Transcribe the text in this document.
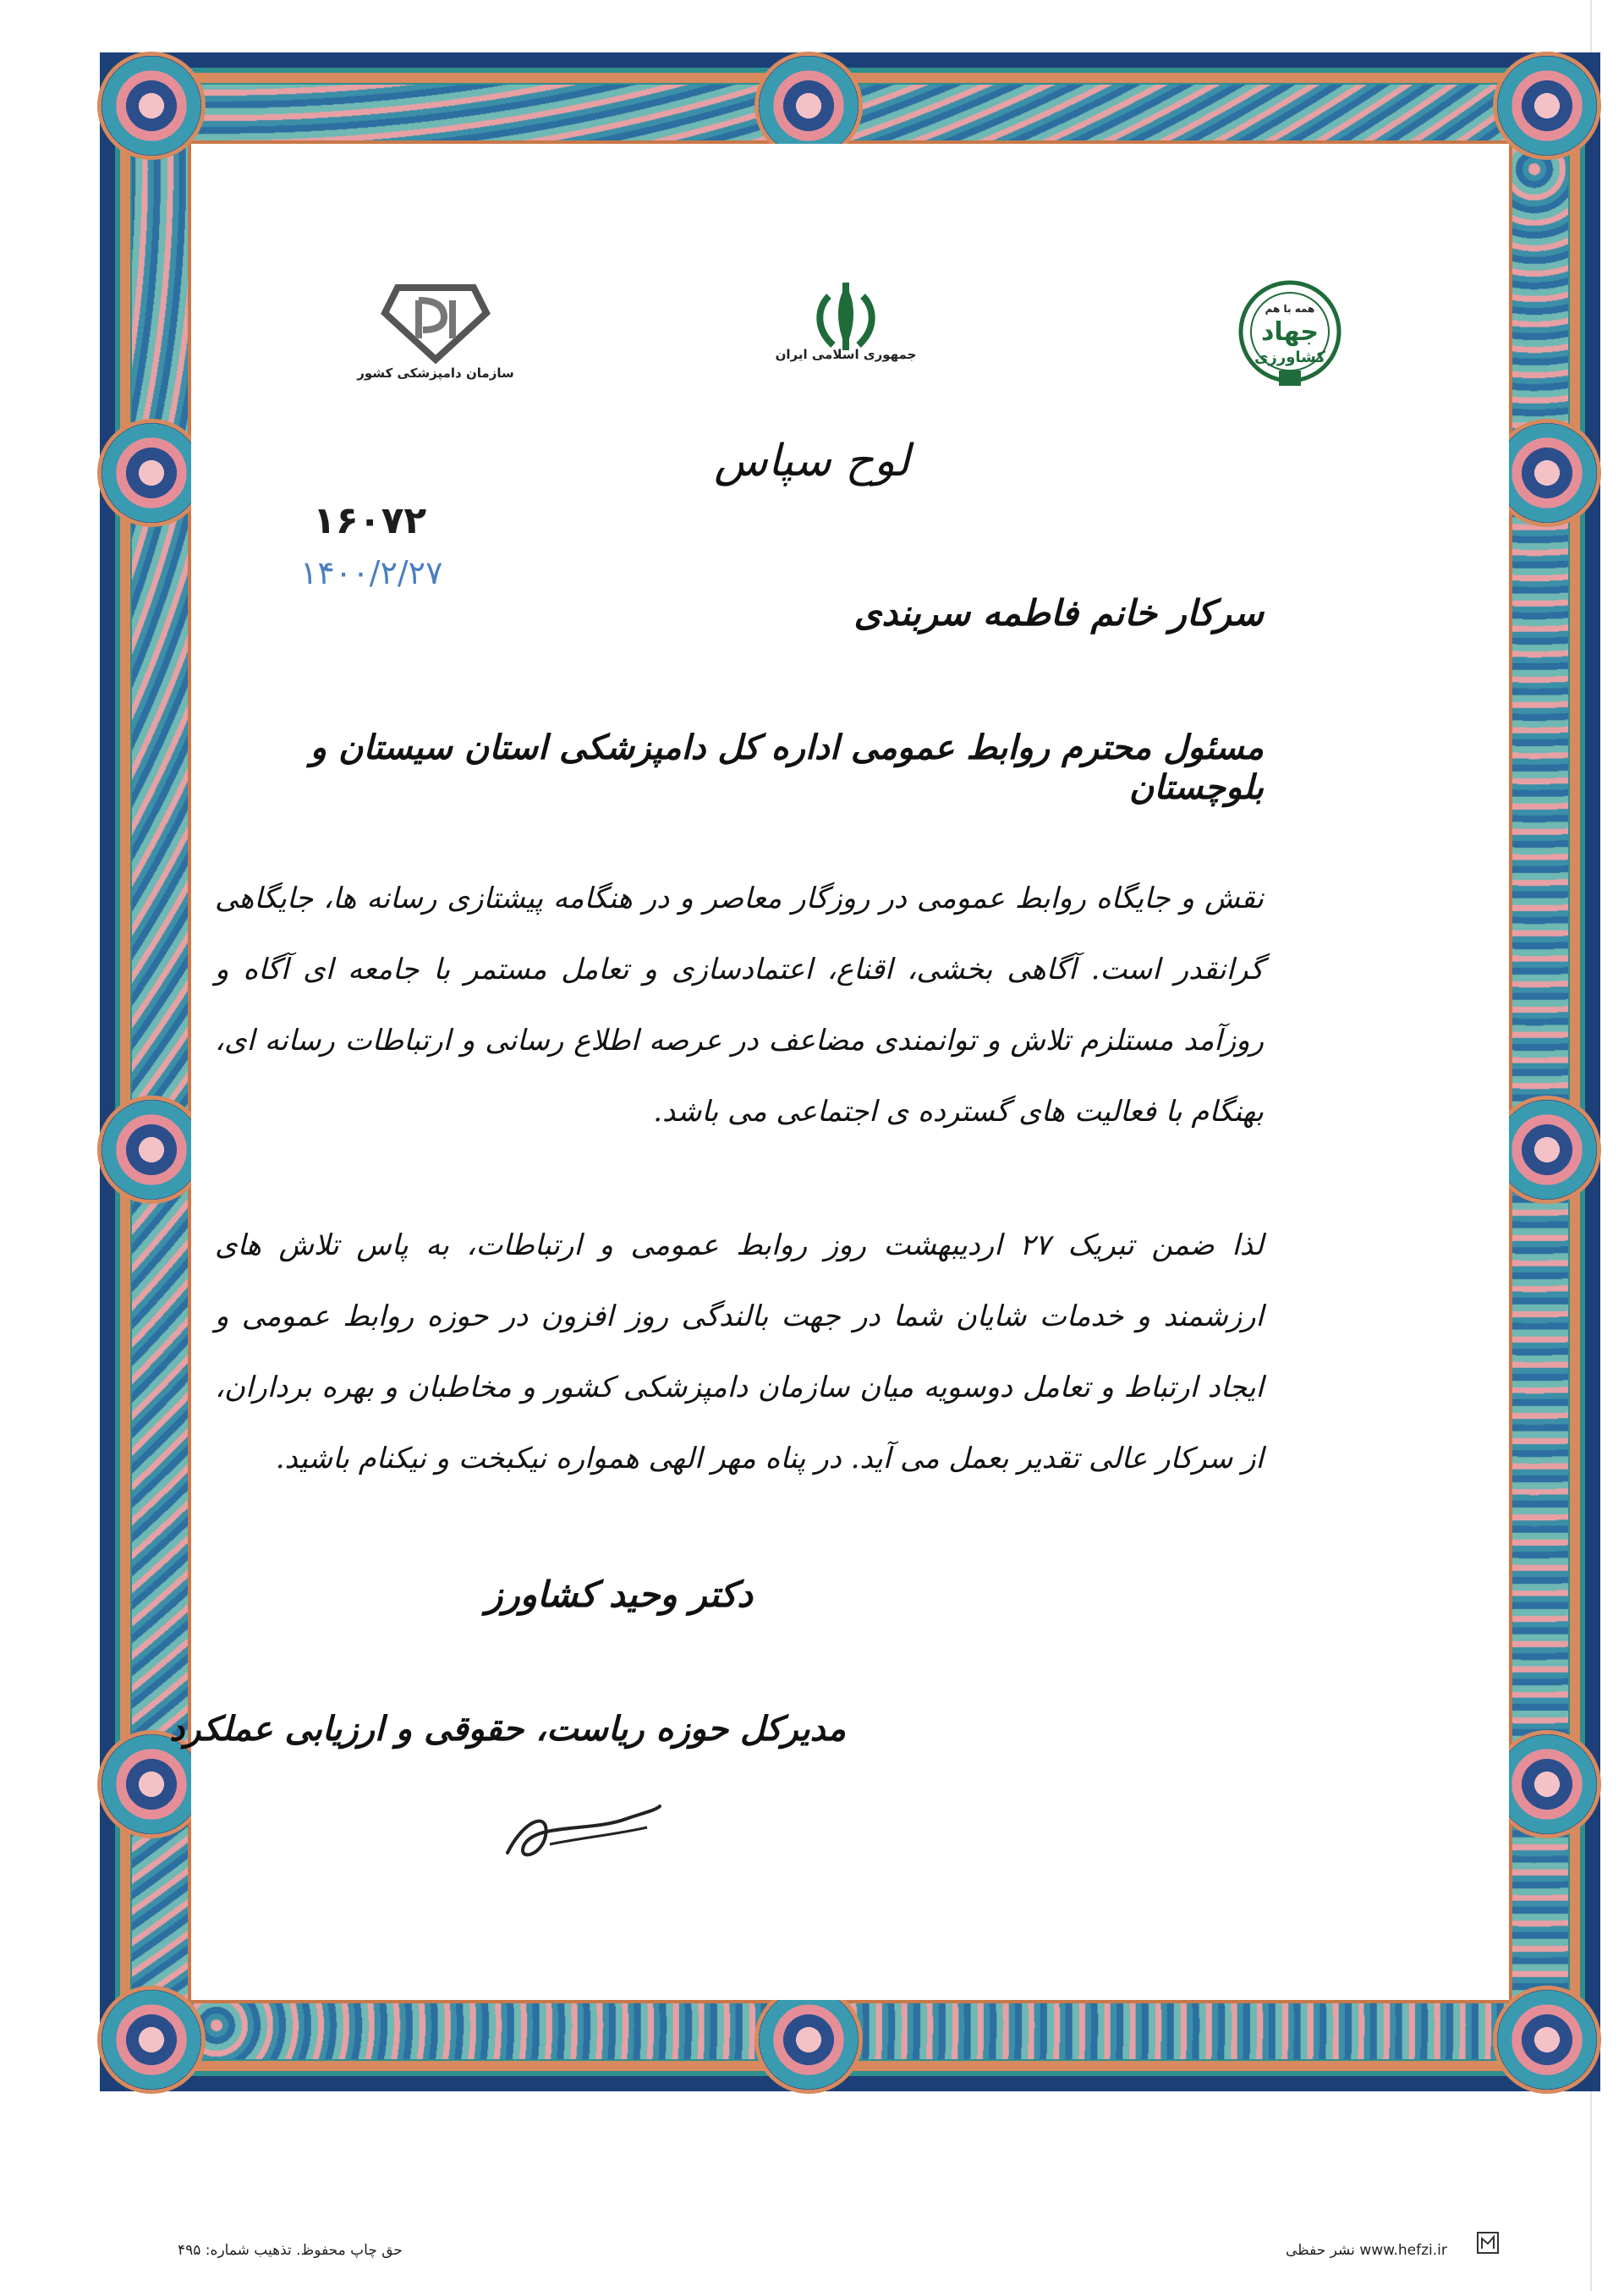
سازمان دامپزشکی کشور
جمهوری اسلامی ایران
همه با هم
جهاد
کشاورزی
لوح سپاس
۱۶۰۷۲
۱۴۰۰/۲/۲۷
سرکار خانم فاطمه سربندی
مسئول محترم روابط عمومی اداره کل دامپزشکی استان سیستان و بلوچستان
نقش و جایگاه روابط عمومی در روزگار معاصر و در هنگامه پیشتازی رسانه ها، جایگاهی گرانقدر است. آگاهی بخشی، اقناع، اعتمادسازی و تعامل مستمر با جامعه ای آگاه و روزآمد مستلزم تلاش و توانمندی مضاعف در عرصه اطلاع رسانی و ارتباطات رسانه ای، بهنگام با فعالیت های گسترده ی اجتماعی می باشد.
لذا ضمن تبریک ۲۷ اردیبهشت روز روابط عمومی و ارتباطات، به پاس تلاش های ارزشمند و خدمات شایان شما در جهت بالندگی روز افزون در حوزه روابط عمومی و ایجاد ارتباط و تعامل دوسویه میان سازمان دامپزشکی کشور و مخاطبان و بهره برداران، از سرکار عالی تقدیر بعمل می آید. در پناه مهر الهی همواره نیکبخت و نیکنام باشید.
دکتر وحید کشاورز
مدیرکل حوزه ریاست، حقوقی و ارزیابی عملکرد
www.hefzi.ir نشر حفظی
حق چاپ محفوظ. تذهیب شماره: ۴۹۵
